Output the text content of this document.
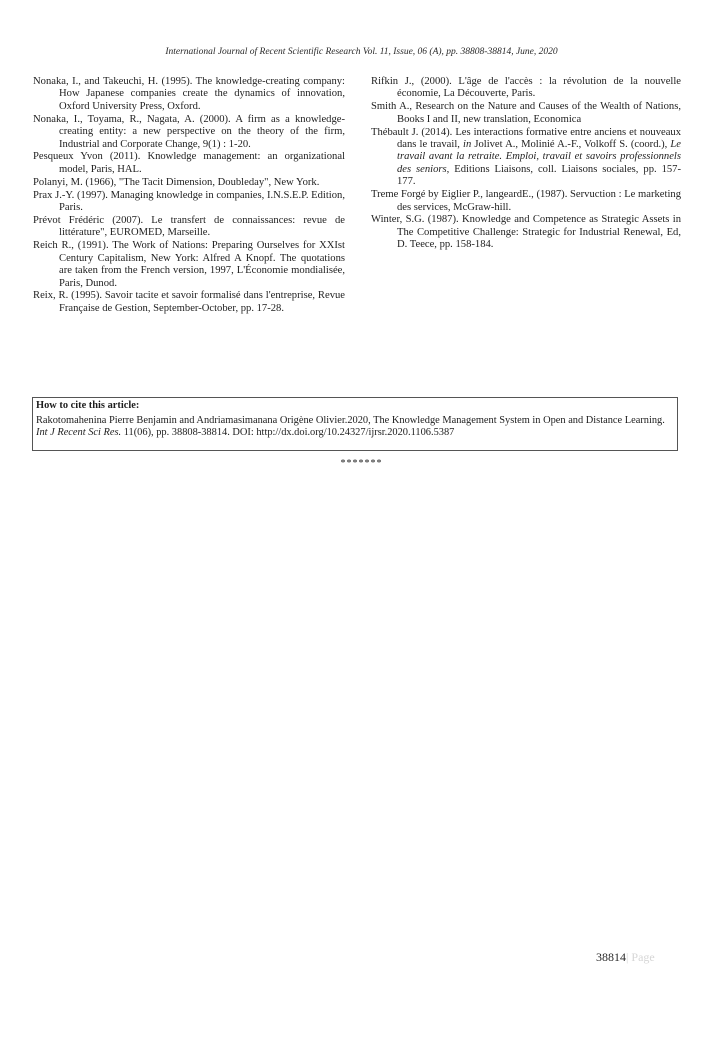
International Journal of Recent Scientific Research Vol. 11, Issue, 06 (A), pp. 38808-38814, June, 2020

Nonaka, I., and Takeuchi, H. (1995). The knowledge-creating company: How Japanese companies create the dynamics of innovation, Oxford University Press, Oxford.

Nonaka, I., Toyama, R., Nagata, A. (2000). A firm as a knowledge-creating entity: a new perspective on the theory of the firm, Industrial and Corporate Change, 9(1) : 1-20.

Pesqueux Yvon (2011). Knowledge management: an organizational model, Paris, HAL.

Polanyi, M. (1966), "The Tacit Dimension, Doubleday", New York.

Prax J.-Y. (1997). Managing knowledge in companies, I.N.S.E.P. Edition, Paris.

Prévot Frédéric (2007). Le transfert de connaissances: revue de littérature", EUROMED, Marseille.

Reich R., (1991). The Work of Nations: Preparing Ourselves for XXIst Century Capitalism, New York: Alfred A Knopf. The quotations are taken from the French version, 1997, L'Économie mondialisée, Paris, Dunod.

Reix, R. (1995). Savoir tacite et savoir formalisé dans l'entreprise, Revue Française de Gestion, September-October, pp. 17-28.

Rifkin J., (2000). L'âge de l'accès : la révolution de la nouvelle économie, La Découverte, Paris.

Smith A., Research on the Nature and Causes of the Wealth of Nations, Books I and II, new translation, Economica

Thébault J. (2014). Les interactions formative entre anciens et nouveaux dans le travail, in Jolivet A., Molinié A.-F., Volkoff S. (coord.), Le travail avant la retraite. Emploi, travail et savoirs professionnels des seniors, Editions Liaisons, coll. Liaisons sociales, pp. 157-177.

Treme Forgé by Eiglier P., langeardE., (1987). Servuction : Le marketing des services, McGraw-hill.

Winter, S.G. (1987). Knowledge and Competence as Strategic Assets in The Competitive Challenge: Strategic for Industrial Renewal, Ed, D. Teece, pp. 158-184.

How to cite this article:
Rakotomahenina Pierre Benjamin and Andriamasimanana Origène Olivier.2020, The Knowledge Management System in Open and Distance Learning. Int J Recent Sci Res. 11(06), pp. 38808-38814. DOI: http://dx.doi.org/10.24327/ijrsr.2020.1106.5387
*******
38814| Page
